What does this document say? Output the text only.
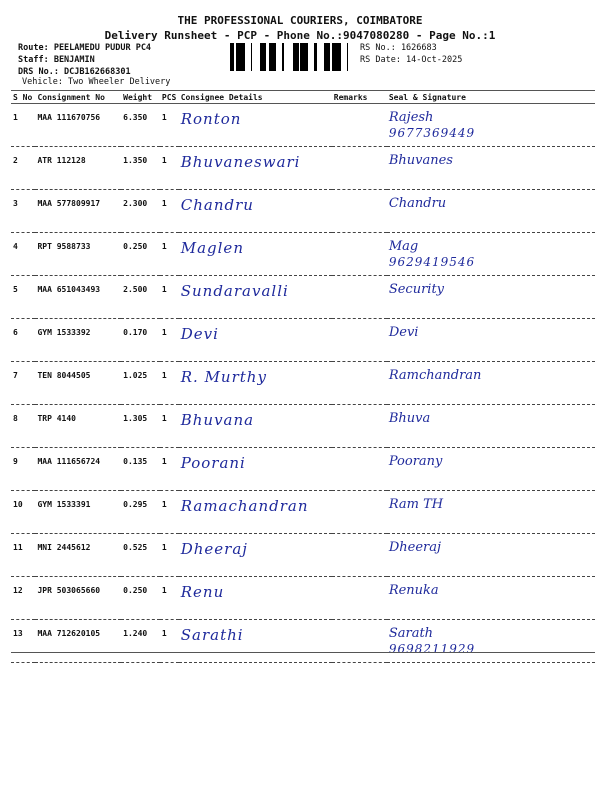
THE PROFESSIONAL COURIERS, COIMBATORE
Delivery Runsheet - PCP - Phone No.:9047080280 - Page No.:1
Route: PEELAMEDU PUDUR PC4
Staff: BENJAMIN
DRS No.: DCJB162668301
Vehicle: Two Wheeler Delivery
RS No.: 1626683
RS Date: 14-Oct-2025
S No	Consignment No	Weight	PCS	Consignee Details	Remarks	Seal & Signature
1	MAA 111670756	6.350	1	Ronton		Rajesh
9677369449

2	ATR 112128	1.350	1	Bhuvaneswari		Bhuvanes
3	MAA 577809917	2.300	1	Chandru		Chandru
4	RPT 9588733	0.250	1	Maglen		Mag
9629419546

5	MAA 651043493	2.500	1	Sundaravalli		Security
6	GYM 1533392	0.170	1	Devi		Devi
7	TEN 8044505	1.025	1	R. Murthy		Ramchandran
8	TRP 4140	1.305	1	Bhuvana		Bhuva
9	MAA 111656724	0.135	1	Poorani		Poorany
10	GYM 1533391	0.295	1	Ramachandran		Ram TH
11	MNI 2445612	0.525	1	Dheeraj		Dheeraj
12	JPR 503065660	0.250	1	Renu		Renuka
13	MAA 712620105	1.240	1	Sarathi		Sarath
9698211929
